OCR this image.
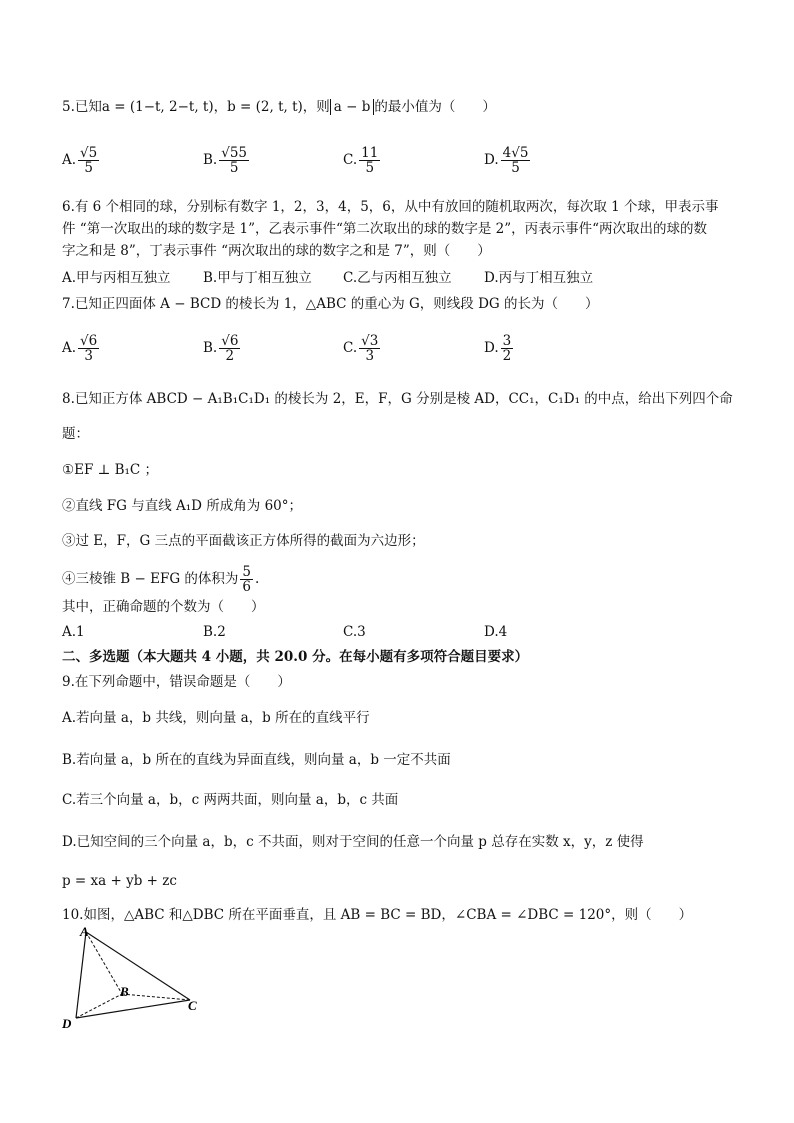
5.已知a = (1−t, 2−t, t)，b = (2, t, t)，则 a − b 的最小值为（　　）
A. $\frac{√5}{5}$	B. $\frac{√55}{5}$	C. $\frac{11}{5}$	D. $\frac{4√5}{5}$
6.有 6 个相同的球，分别标有数字 1，2，3，4，5，6，从中有放回的随机取两次，每次取 1 个球，甲表示事
件 “第一次取出的球的数字是 1”，乙表示事件“第二次取出的球的数字是 2”，丙表示事件“两次取出的球的数
字之和是 8”，丁表示事件 “两次取出的球的数字之和是 7”，则（　　）
A.甲与丙相互独立 B.甲与丁相互独立 C.乙与丙相互独立 D.丙与丁相互独立
7.已知正四面体 A − BCD 的棱长为 1，△ABC 的重心为 G，则线段 DG 的长为（　　）
A. $\frac{√6}{3}$	B. $\frac{√6}{2}$	C. $\frac{√3}{3}$	D. $\frac{3}{2}$
8.已知正方体 ABCD − A₁B₁C₁D₁ 的棱长为 2，E，F，G 分别是棱 AD，CC₁，C₁D₁ 的中点，给出下列四个命
题：
①EF ⊥ B₁C ；
②直线 FG 与直线 A₁D 所成角为 60°；
③过 E，F，G 三点的平面截该正方体所得的截面为六边形；
④三棱锥 B − EFG 的体积为 $\frac{5}{6}$ .
其中，正确命题的个数为（　　）
A.1	B.2	C.3	D.4
二、多选题（本大题共 4 小题，共 20.0 分。在每小题有多项符合题目要求）
9.在下列命题中，错误命题是（　　）
A.若向量 a，b 共线，则向量 a，b 所在的直线平行
B.若向量 a，b 所在的直线为异面直线，则向量 a，b 一定不共面
C.若三个向量 a，b，c 两两共面，则向量 a，b，c 共面
D.已知空间的三个向量 a，b，c 不共面，则对于空间的任意一个向量 p 总存在实数 x，y，z 使得
p = xa + yb + zc
10.如图，△ABC 和△DBC 所在平面垂直，且 AB = BC = BD，∠CBA = ∠DBC = 120°，则（　　）
A
B
C
D
